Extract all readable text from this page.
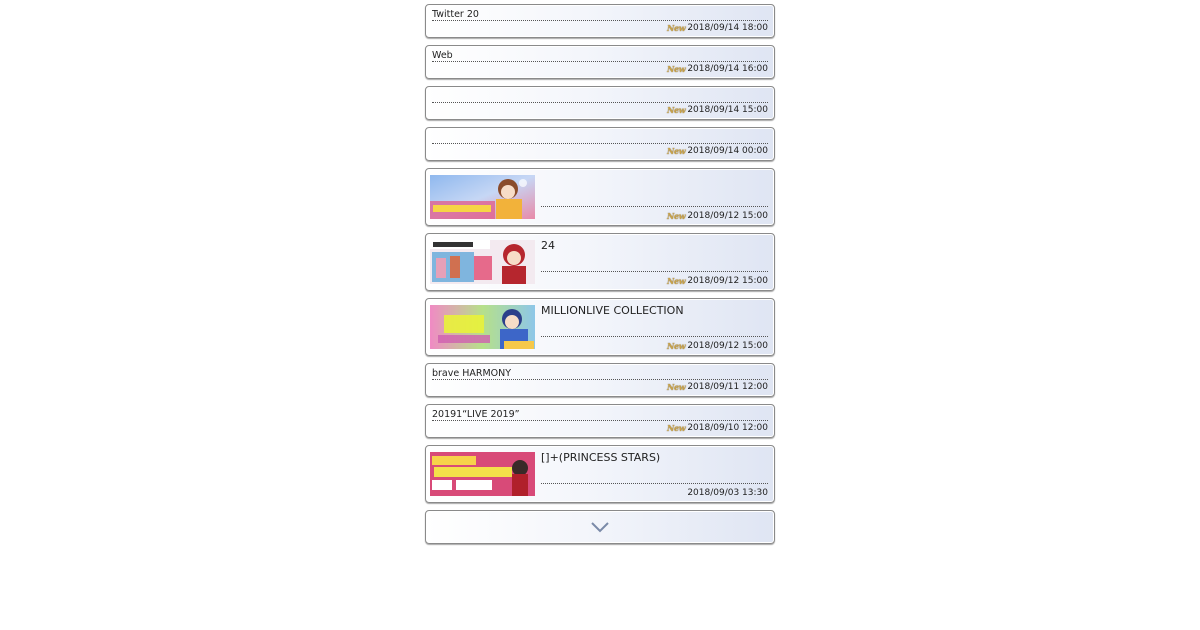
Twitter 20
New 2018/09/14 18:00
Web
New 2018/09/14 16:00
New 2018/09/14 15:00
New 2018/09/14 00:00
New 2018/09/12 15:00
24
New 2018/09/12 15:00
MILLIONLIVE COLLECTION
New 2018/09/12 15:00
brave HARMONY
New 2018/09/11 12:00
20191“LIVE 2019”
New 2018/09/10 12:00
[]+(PRINCESS STARS)
2018/09/03 13:30
